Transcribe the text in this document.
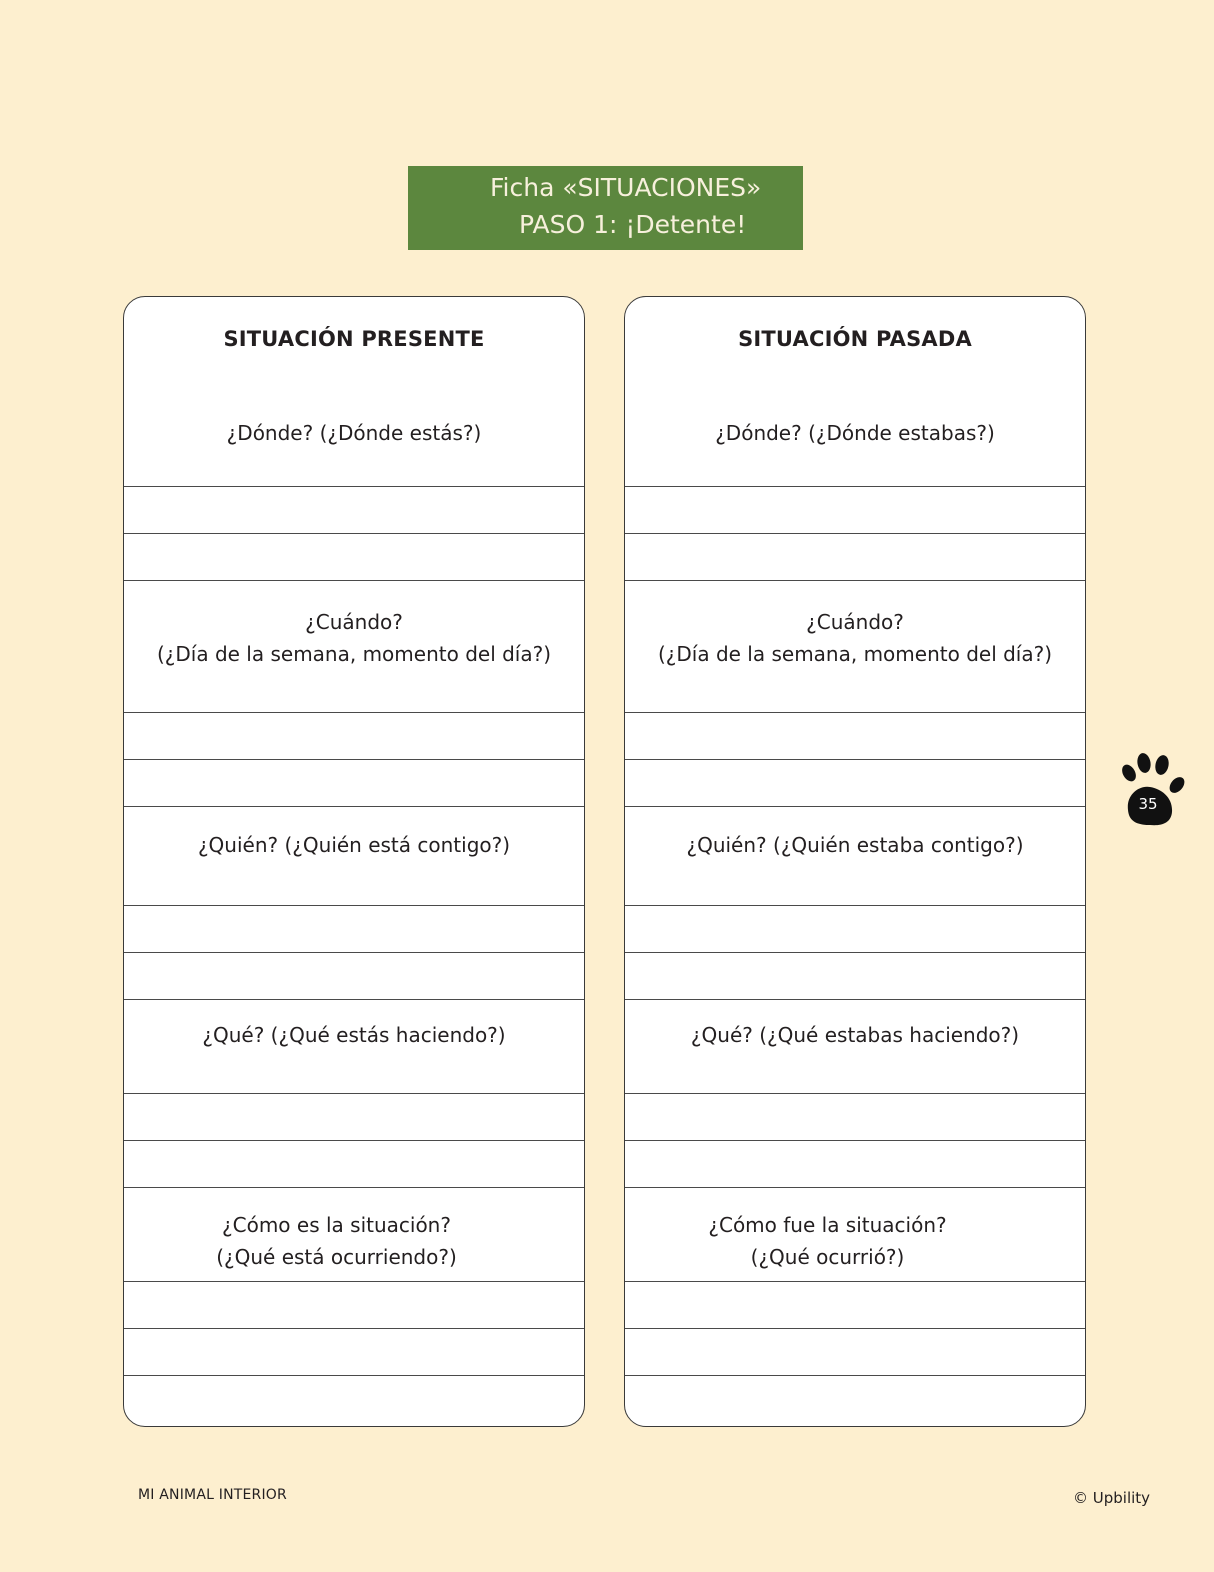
Ficha «SITUACIONES»
PASO 1: ¡Detente!
SITUACIÓN PRESENTE
¿Dónde? (¿Dónde estás?)
¿Cuándo?
(¿Día de la semana, momento del día?)
¿Quién? (¿Quién está contigo?)
¿Qué? (¿Qué estás haciendo?)
¿Cómo es la situación?
(¿Qué está ocurriendo?)
SITUACIÓN PASADA
¿Dónde? (¿Dónde estabas?)
¿Cuándo?
(¿Día de la semana, momento del día?)
¿Quién? (¿Quién estaba contigo?)
¿Qué? (¿Qué estabas haciendo?)
¿Cómo fue la situación?
(¿Qué ocurrió?)
35
MI ANIMAL INTERIOR	© Upbility
